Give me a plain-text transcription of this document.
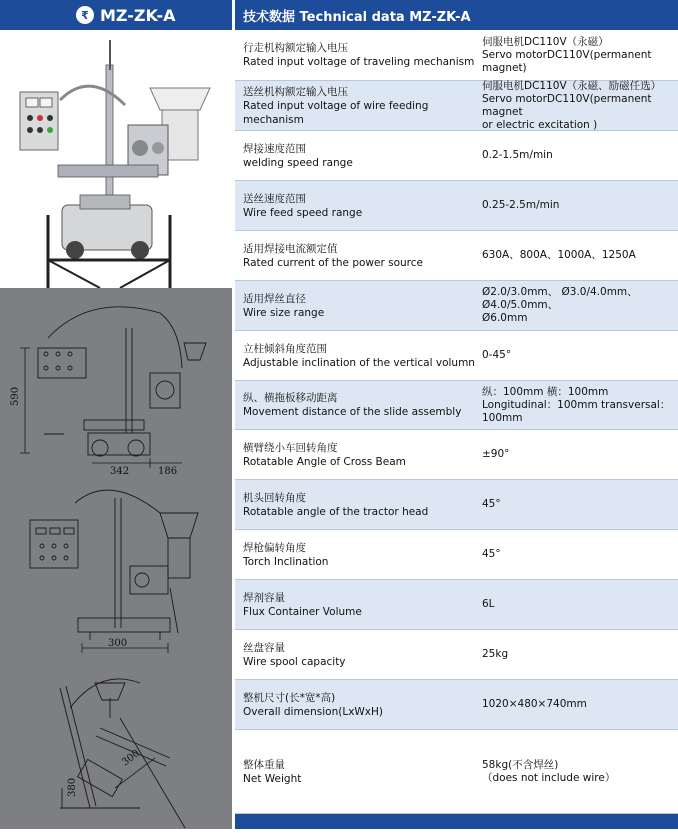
₹ MZ-ZK-A
590
342	186
300
300
380
技术数据 Technical data MZ-ZK-A
行走机构额定输入电压
Rated input voltage of traveling mechanism
伺服电机DC110V（永磁）
Servo motorDC110V(permanent magnet)
送丝机构额定输入电压
Rated input voltage of wire feeding mechanism
伺服电机DC110V（永磁、励磁任选）
Servo motorDC110V(permanent magnet
or electric excitation )
焊接速度范围
welding speed range
0.2-1.5m/min
送丝速度范围
Wire feed speed range
0.25-2.5m/min
适用焊接电流额定值
Rated current of the power source
630A、800A、1000A、1250A
适用焊丝直径
Wire size range
Ø2.0/3.0mm、 Ø3.0/4.0mm、 Ø4.0/5.0mm、
Ø6.0mm
立柱倾斜角度范围
Adjustable inclination of the vertical volumn
0-45°
纵、横拖板移动距离
Movement distance of the slide assembly
纵：100mm 横：100mm
Longitudinal：100mm transversal：100mm
横臂绕小车回转角度
Rotatable Angle of Cross Beam
±90°
机头回转角度
Rotatable angle of the tractor head
45°
焊枪偏转角度
Torch Inclination
45°
焊剂容量
Flux Container Volume
6L
丝盘容量
Wire spool capacity
25kg
整机尺寸(长*宽*高)
Overall dimension(LxWxH)
1020×480×740mm
整体重量
Net Weight
58kg(不含焊丝)
（does not include wire）
